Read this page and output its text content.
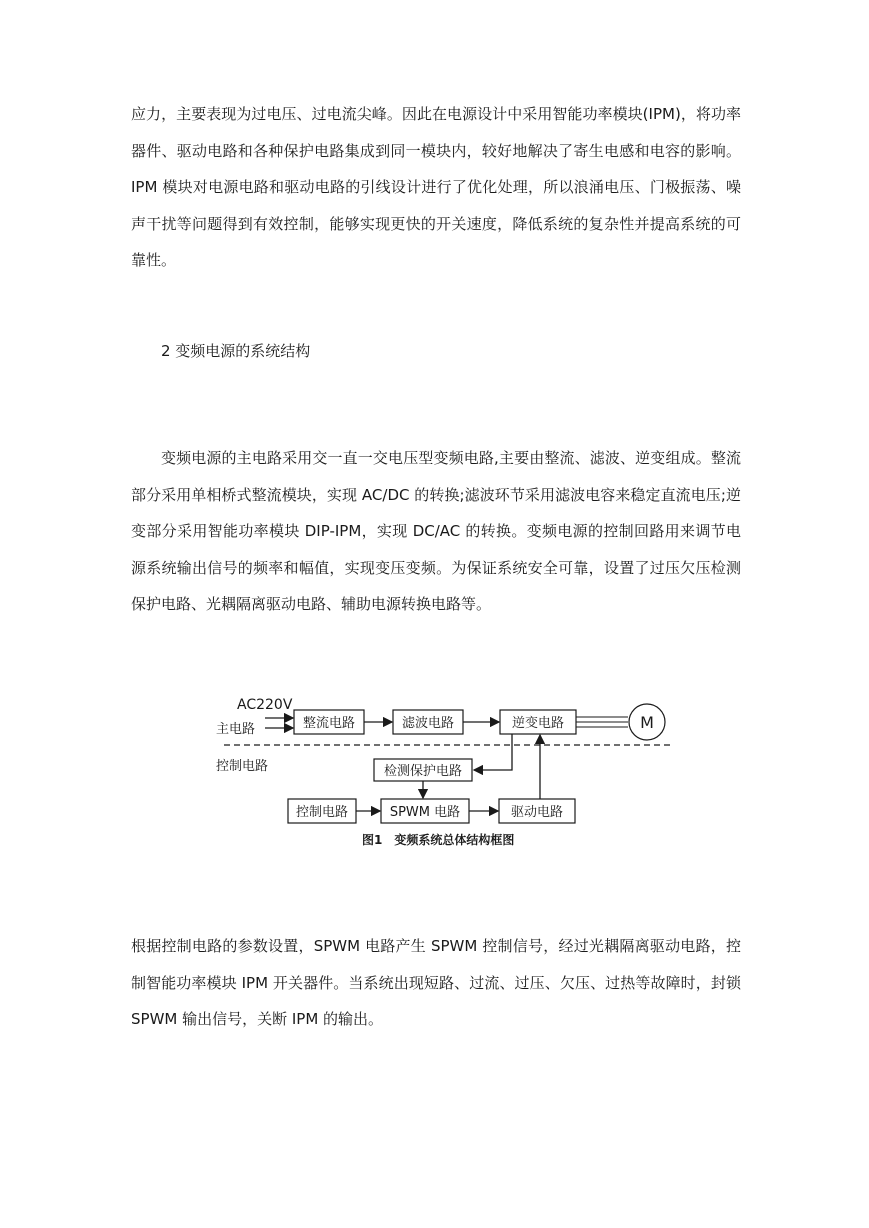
应力，主要表现为过电压、过电流尖峰。因此在电源设计中采用智能功率模块(IPM)，将功率器件、驱动电路和各种保护电路集成到同一模块内，较好地解决了寄生电感和电容的影响。IPM 模块对电源电路和驱动电路的引线设计进行了优化处理，所以浪涌电压、门极振荡、噪声干扰等问题得到有效控制，能够实现更快的开关速度，降低系统的复杂性并提高系统的可靠性。

2 变频电源的系统结构

变频电源的主电路采用交一直一交电压型变频电路,主要由整流、滤波、逆变组成。整流部分采用单相桥式整流模块，实现 AC/DC 的转换;滤波环节采用滤波电容来稳定直流电压;逆变部分采用智能功率模块 DIP-IPM，实现 DC/AC 的转换。变频电源的控制回路用来调节电源系统输出信号的频率和幅值，实现变压变频。为保证系统安全可靠，设置了过压欠压检测保护电路、光耦隔离驱动电路、辅助电源转换电路等。

AC220V
主电路	整流电路	滤波电路	逆变电路	M
控制电路	检测保护电路
控制电路	SPWM 电路	驱动电路
图1　变频系统总体结构框图

根据控制电路的参数设置，SPWM 电路产生 SPWM 控制信号，经过光耦隔离驱动电路，控制智能功率模块 IPM 开关器件。当系统出现短路、过流、过压、欠压、过热等故障时，封锁 SPWM 输出信号，关断 IPM 的输出。
